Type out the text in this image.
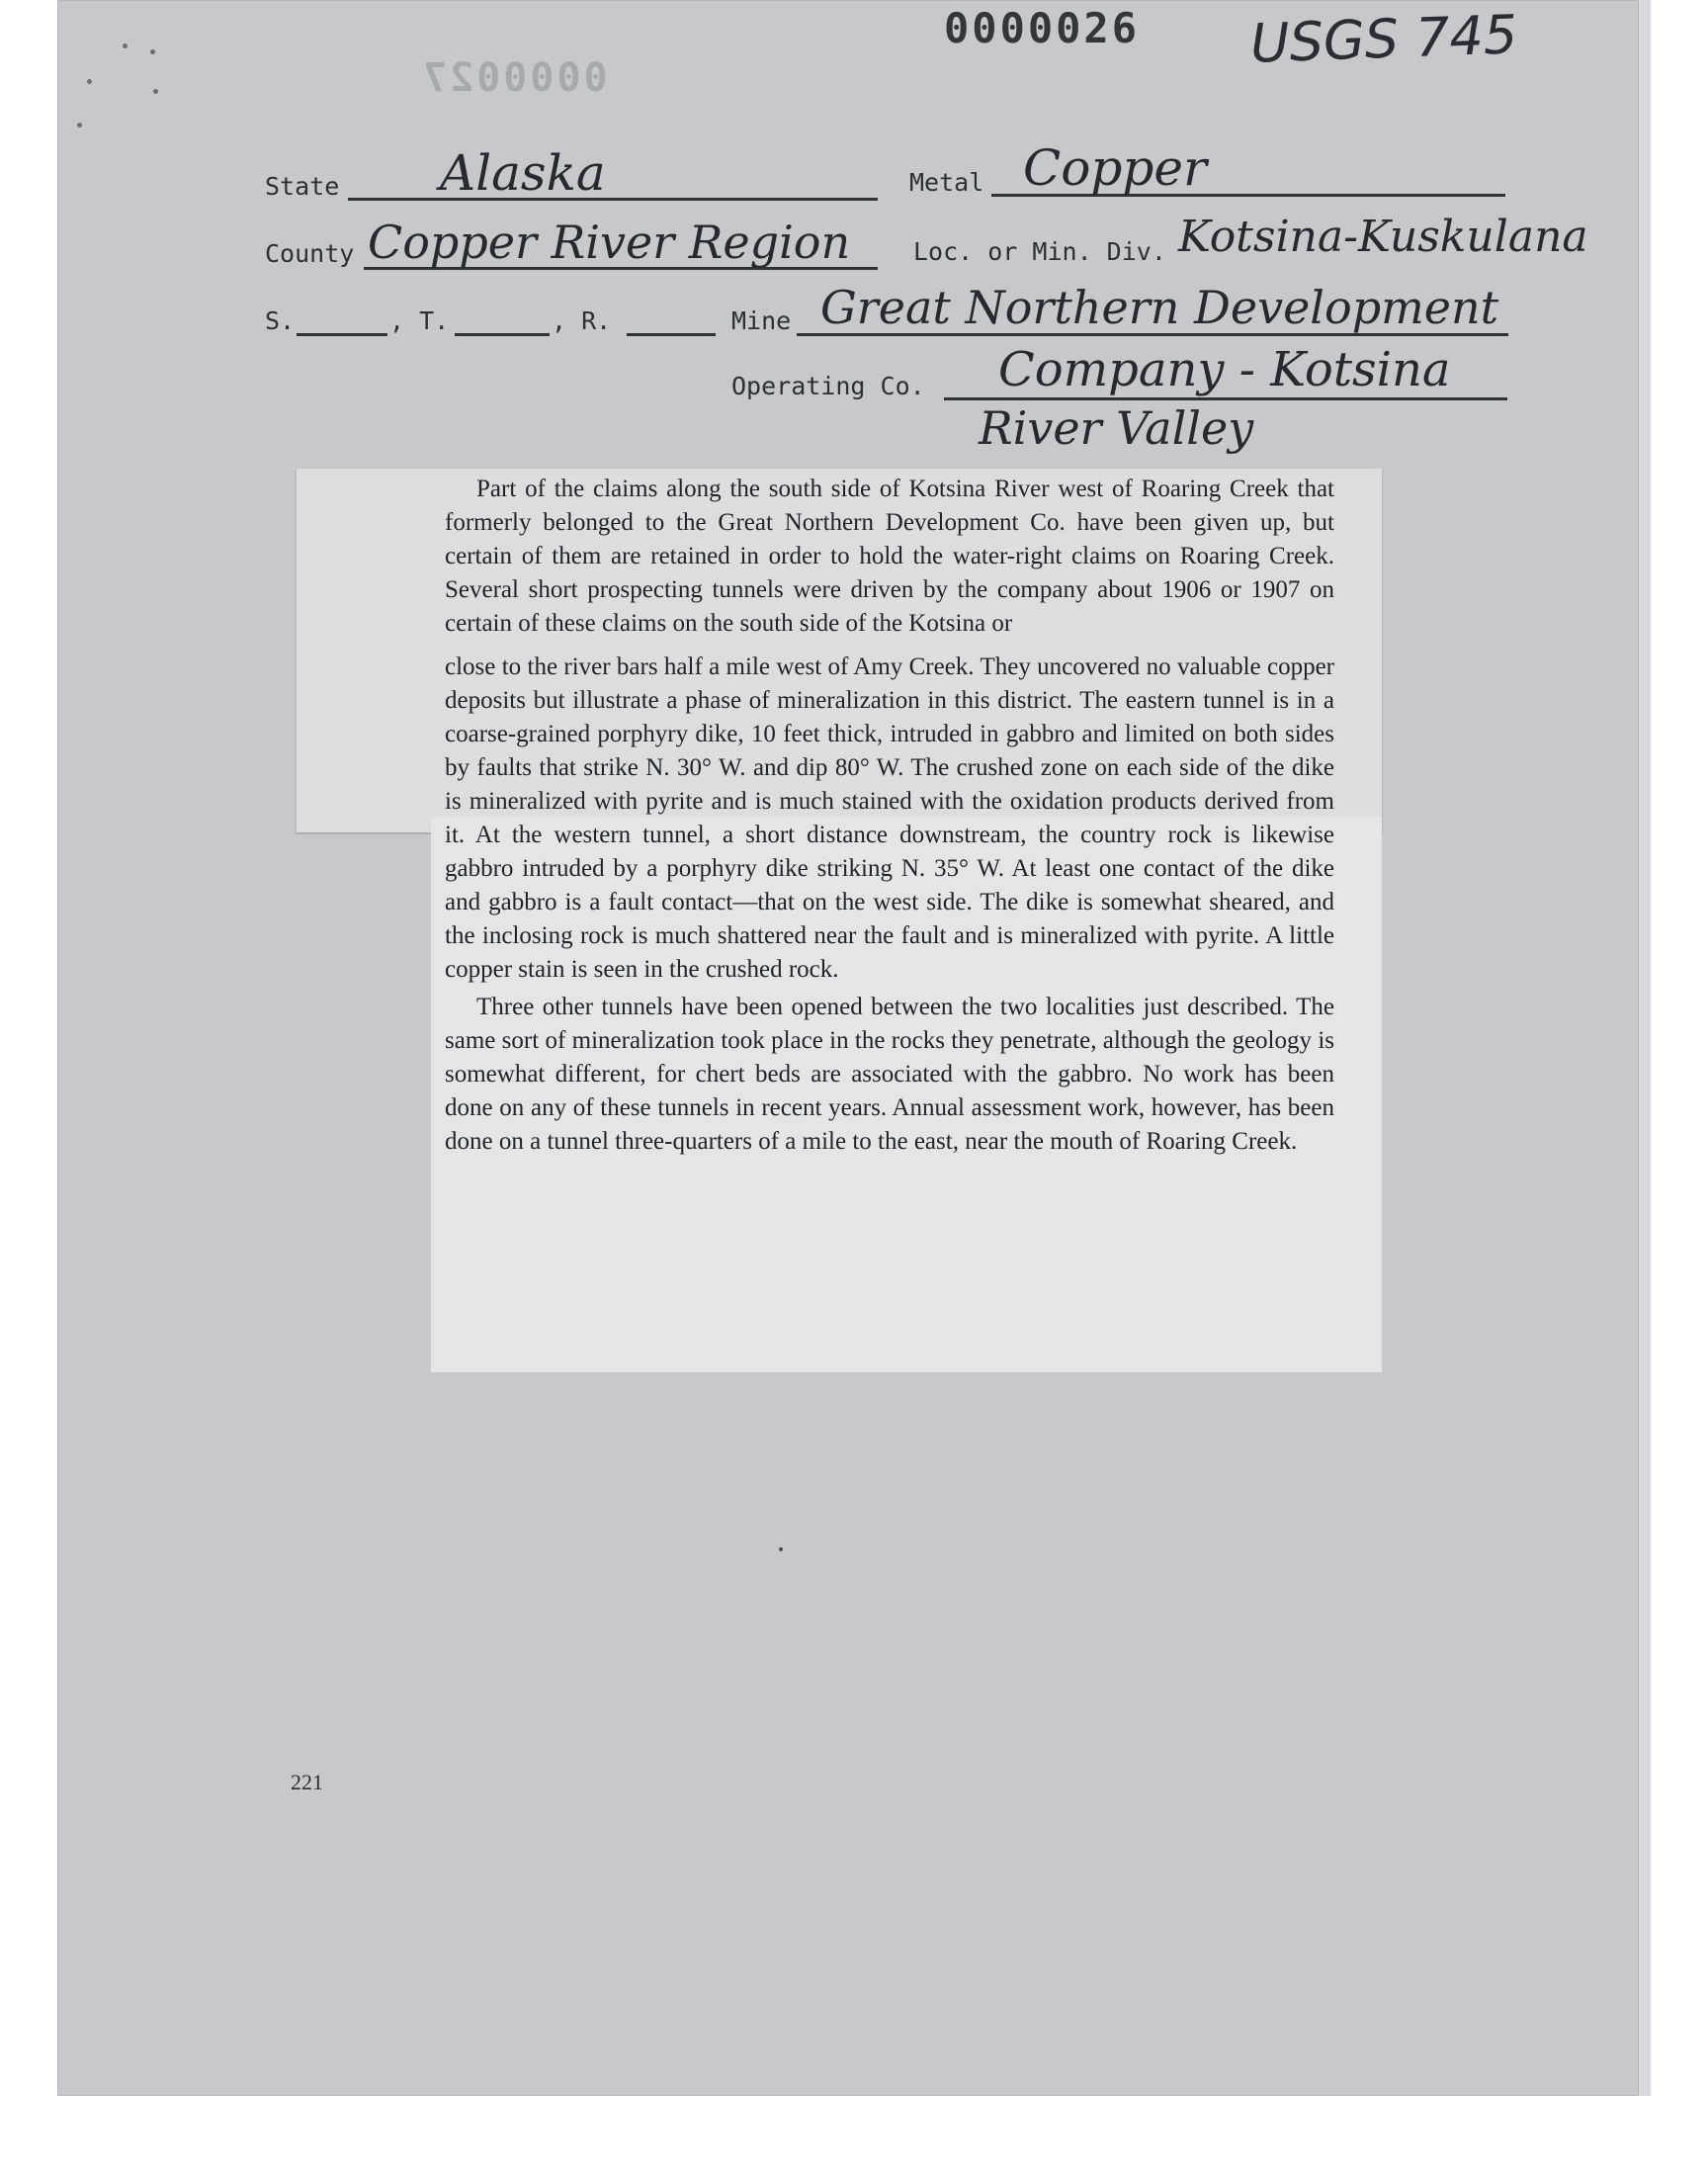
0000026
0000027
USGS 745
State Alaska	Metal Copper
County Copper River Region	Loc. or Min. Div. Kotsina-Kuskulana
S.	, T.	, R.	Mine Great Northern Development
Operating Co. Company - Kotsina
River Valley

Part of the claims along the south side of Kotsina River west of Roaring Creek that formerly belonged to the Great Northern Development Co. have been given up, but certain of them are retained in order to hold the water-right claims on Roaring Creek. Several short prospecting tunnels were driven by the company about 1906 or 1907 on certain of these claims on the south side of the Kotsina or

close to the river bars half a mile west of Amy Creek. They uncovered no valuable copper deposits but illustrate a phase of mineralization in this district. The eastern tunnel is in a coarse-grained porphyry dike, 10 feet thick, intruded in gabbro and limited on both sides by faults that strike N. 30° W. and dip 80° W. The crushed zone on each side of the dike is mineralized with pyrite and is much stained with the oxidation products derived from it. At the western tunnel, a short distance downstream, the country rock is likewise gabbro intruded by a porphyry dike striking N. 35° W. At least one contact of the dike and gabbro is a fault contact—that on the west side. The dike is somewhat sheared, and the inclosing rock is much shattered near the fault and is mineralized with pyrite. A little copper stain is seen in the crushed rock.

Three other tunnels have been opened between the two localities just described. The same sort of mineralization took place in the rocks they penetrate, although the geology is somewhat different, for chert beds are associated with the gabbro. No work has been done on any of these tunnels in recent years. Annual assessment work, however, has been done on a tunnel three-quarters of a mile to the east, near the mouth of Roaring Creek.

221
